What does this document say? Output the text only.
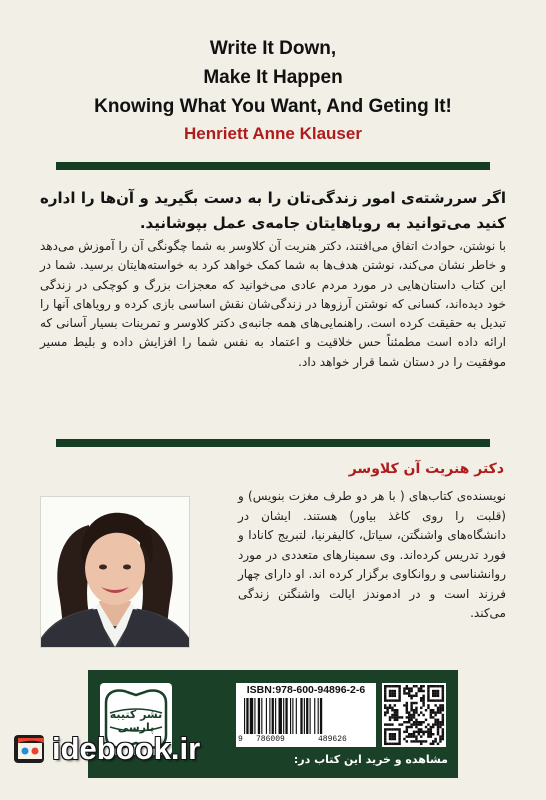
Write It Down,
Make It Happen
Knowing What You Want, And Geting It!
Henriett Anne Klauser
اگر سررشته‌ی امور زندگی‌تان را به دست بگیرید و آن‌ها را اداره کنید می‌توانید به رویاهایتان جامه‌ی عمل بپوشانید.
با نوشتن، حوادث اتفاق می‌افتند، دکتر هنریت آن کلاوسر به شما چگونگی آن را آموزش می‌دهد و خاطر نشان می‌کند، نوشتن هدف‌ها به شما کمک خواهد کرد به خواسته‌هایتان برسید. شما در این کتاب داستان‌هایی در مورد مردم عادی می‌خوانید که معجزات بزرگ و کوچکی در زندگی خود دیده‌اند، کسانی که نوشتن آرزوها در زندگی‌شان نقش اساسی بازی کرده و رویاهای آنها را تبدیل به حقیقت کرده است. راهنمایی‌های همه جانبه‌ی دکتر کلاوسر و تمرینات بسیار آسانی که ارائه داده است مطمئناً حس خلاقیت و اعتماد به نفس شما را افزایش داده و بلیط مسیر موفقیت را در دستان شما قرار خواهد داد.
دکتر هنریت آن کلاوسر
نویسنده‌ی کتاب‌های ( با هر دو طرف مغزت بنویس) و (قلبت را روی کاغذ بیاور) هستند. ایشان در دانشگاه‌های واشنگتن، سیاتل، کالیفرنیا، لتبریج کانادا و فورد تدریس کرده‌اند. وی سمینارهای متعددی در مورد روانشناسی و روانکاوی برگزار کرده اند. او دارای چهار فرزند است و در ادموندز ایالت واشنگتن زندگی می‌کند.
نشر کتیبه پارسی
ISBN:978-600-94896-2-6
9 786009	489626
مشاهده و خرید این کتاب در:
idebook.ir
